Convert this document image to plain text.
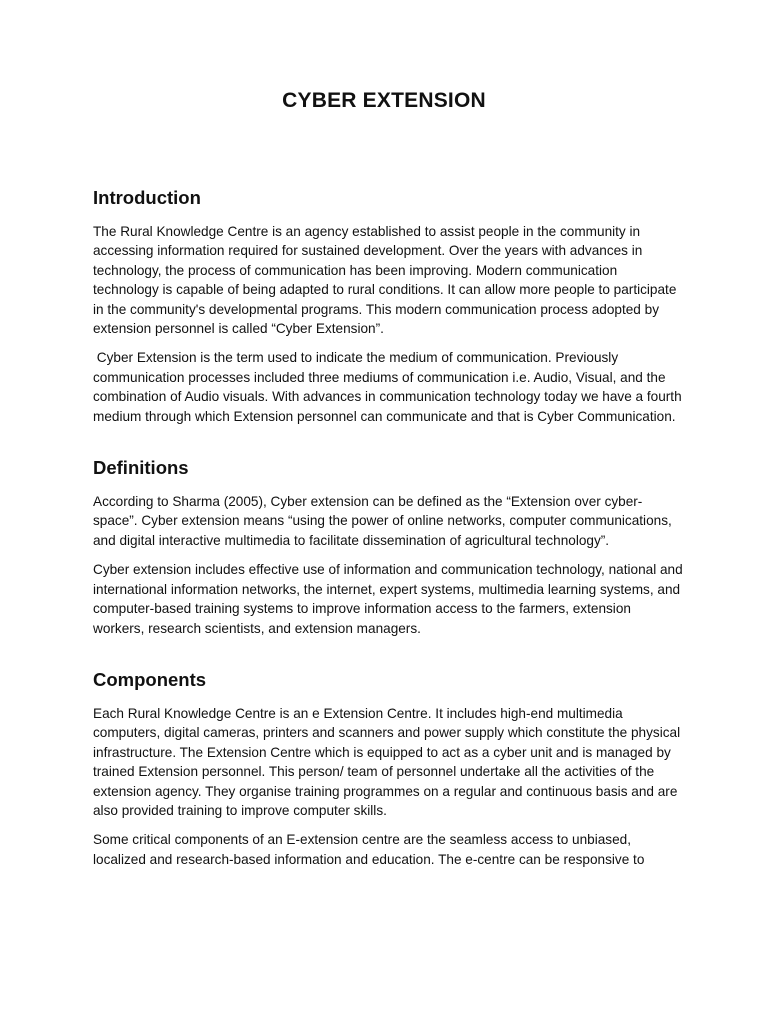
CYBER EXTENSION
Introduction

The Rural Knowledge Centre is an agency established to assist people in the community in accessing information required for sustained development. Over the years with advances in technology, the process of communication has been improving. Modern communication technology is capable of being adapted to rural conditions. It can allow more people to participate in the community's developmental programs. This modern communication process adopted by extension personnel is called “Cyber Extension”.

Cyber Extension is the term used to indicate the medium of communication. Previously communication processes included three mediums of communication i.e. Audio, Visual, and the combination of Audio visuals. With advances in communication technology today we have a fourth medium through which Extension personnel can communicate and that is Cyber Communication.

Definitions

According to Sharma (2005), Cyber extension can be defined as the “Extension over cyber-space”. Cyber extension means “using the power of online networks, computer communications, and digital interactive multimedia to facilitate dissemination of agricultural technology”.

Cyber extension includes effective use of information and communication technology, national and international information networks, the internet, expert systems, multimedia learning systems, and computer-based training systems to improve information access to the farmers, extension workers, research scientists, and extension managers.

Components

Each Rural Knowledge Centre is an e Extension Centre. It includes high-end multimedia computers, digital cameras, printers and scanners and power supply which constitute the physical infrastructure. The Extension Centre which is equipped to act as a cyber unit and is managed by trained Extension personnel. This person/ team of personnel undertake all the activities of the extension agency. They organise training programmes on a regular and continuous basis and are also provided training to improve computer skills.

Some critical components of an E-extension centre are the seamless access to unbiased, localized and research-based information and education. The e-centre can be responsive to
